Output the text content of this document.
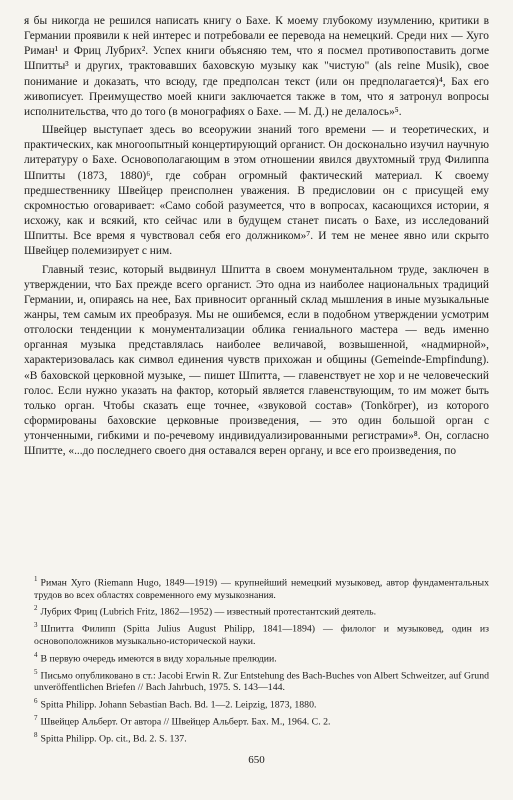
я бы никогда не решился написать книгу о Бахе. К моему глубокому изумлению, критики в Германии проявили к ней интерес и потребовали ее перевода на немецкий. Среди них — Хуго Риман¹ и Фриц Лубрих². Успех книги объясняю тем, что я посмел противопоставить догме Шпитты³ и других, трактовавших баховскую музыку как "чистую" (als reine Musik), свое понимание и доказать, что всюду, где предполсан текст (или он предполагается)⁴, Бах его живописует. Преимущество моей книги заключается также в том, что я затронул вопросы исполнительства, что до того (в монографиях о Бахе. — М. Д.) не делалось»⁵.

Швейцер выступает здесь во всеоружии знаний того времени — и теоретических, и практических, как многоопытный концертирующий органист. Он досконально изучил научную литературу о Бахе. Основополагающим в этом отношении явился двухтомный труд Филиппа Шпитты (1873, 1880)⁶, где собран огромный фактический материал. К своему предшественнику Швейцер преисполнен уважения. В предисловии он с присущей ему скромностью оговаривает: «Само собой разумеется, что в вопросах, касающихся истории, я исхожу, как и всякий, кто сейчас или в будущем станет писать о Бахе, из исследований Шпитты. Все время я чувствовал себя его должником»⁷. И тем не менее явно или скрыто Швейцер полемизирует с ним.

Главный тезис, который выдвинул Шпитта в своем монументальном труде, заключен в утверждении, что Бах прежде всего органист. Это одна из наиболее национальных традиций Германии, и, опираясь на нее, Бах привносит органный склад мышления в иные музыкальные жанры, тем самым их преобразуя. Мы не ошибемся, если в подобном утверждении усмотрим отголоски тенденции к монументализации облика гениального мастера — ведь именно органная музыка представлялась наиболее величавой, возвышенной, «надмирной», характеризовалась как символ единения чувств прихожан и общины (Gemeinde-Empfindung). «В баховской церковной музыке, — пишет Шпитта, — главенствует не хор и не человеческий голос. Если нужно указать на фактор, который является главенствующим, то им может быть только орган. Чтобы сказать еще точнее, «звуковой состав» (Tonkörper), из которого сформированы баховские церковные произведения, — это один большой орган с утонченными, гибкими и по-речевому индивидуализированными регистрами»⁸. Он, согласно Шпитте, «...до последнего своего дня оставался верен органу, и все его произведения, по

$^1$ Риман Хуго (Riemann Hugo, 1849—1919) — крупнейший немецкий музыковед, автор фундаментальных трудов во всех областях современного ему музыкознания.

$^2$ Лубрих Фриц (Lubrich Fritz, 1862—1952) — известный протестантский деятель.

$^3$ Шпитта Филипп (Spitta Julius August Philipp, 1841—1894) — филолог и музыковед, один из основоположников музыкально-исторической науки.

$^4$ В первую очередь имеются в виду хоральные прелюдии.

$^5$ Письмо опубликовано в ст.: Jacobi Erwin R. Zur Entstehung des Bach-Buches von Albert Schweitzer, auf Grund unveröffentlichen Briefen // Bach Jahrbuch, 1975. S. 143—144.

$^6$ Spitta Philipp. Johann Sebastian Bach. Bd. 1—2. Leipzig, 1873, 1880.

$^7$ Швейцер Альберт. От автора // Швейцер Альберт. Бах. М., 1964. С. 2.

$^8$ Spitta Philipp. Op. cit., Bd. 2. S. 137.

650
